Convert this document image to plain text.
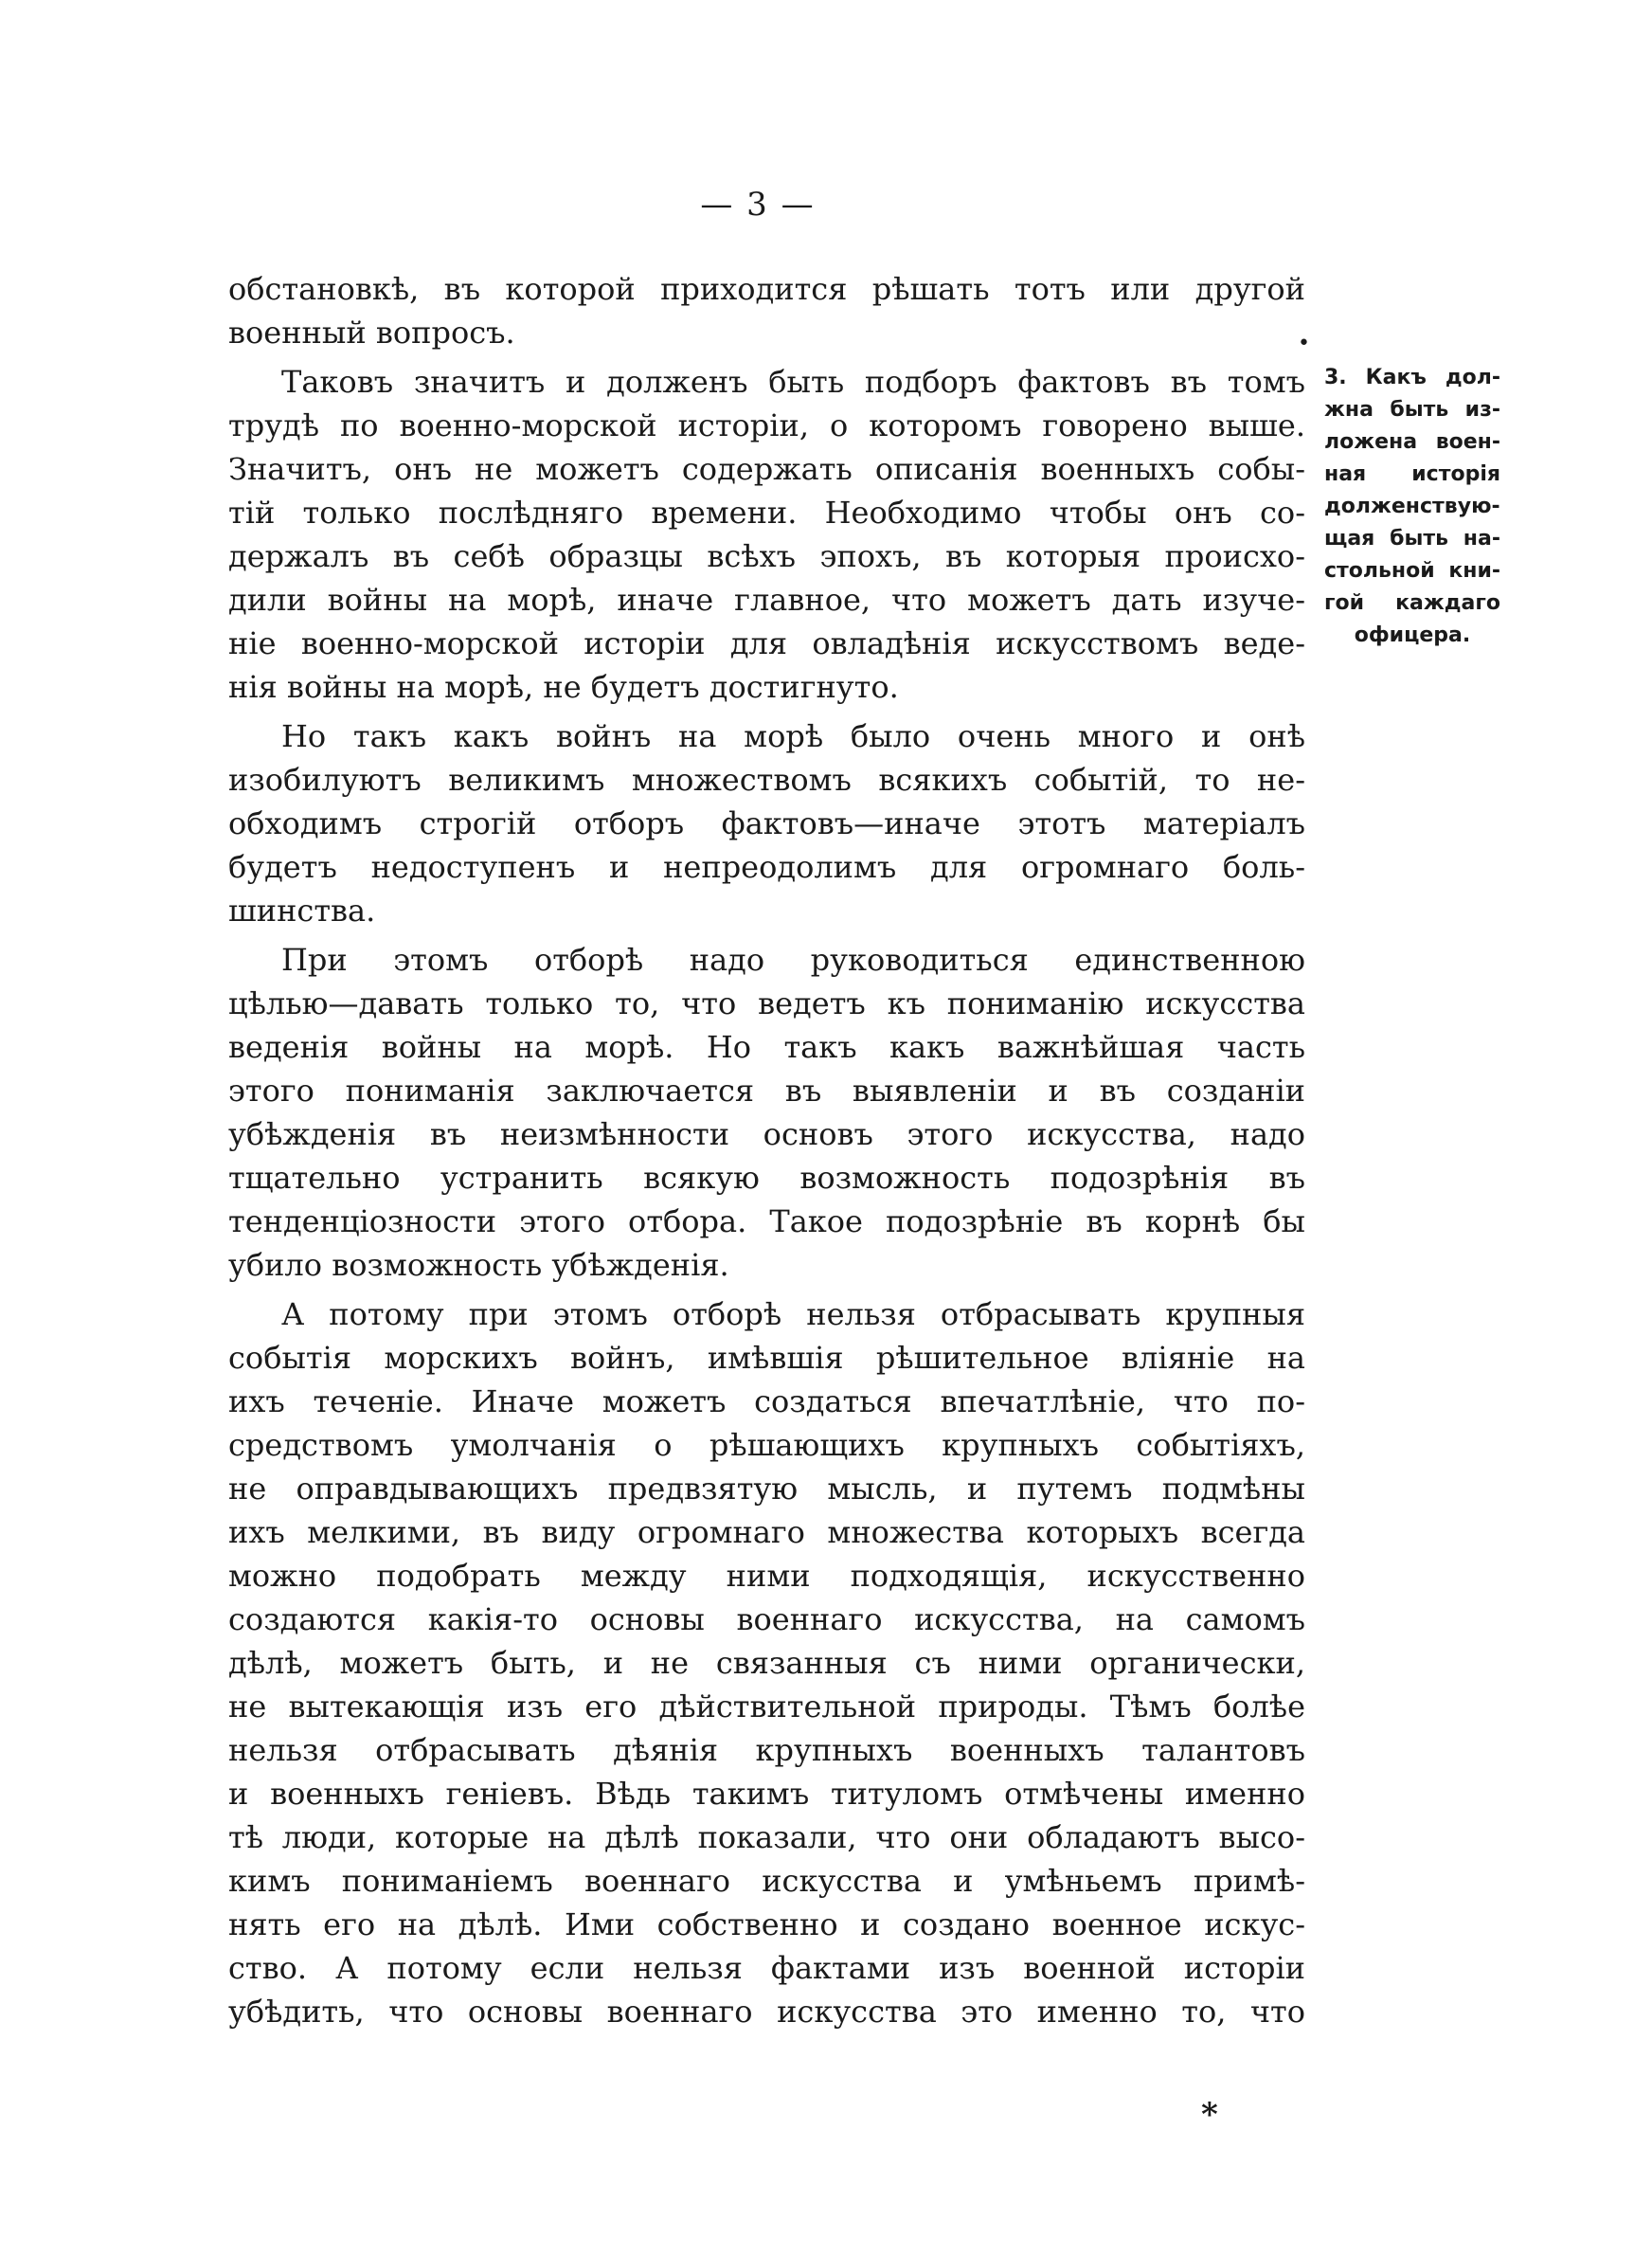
— 3 —
•

обстановкѣ, въ которой приходится рѣшать тотъ или другой
военный вопросъ.

Таковъ значитъ и долженъ быть подборъ фактовъ въ томъ
трудѣ по военно-морской исторіи, о которомъ говорено выше.
Значитъ, онъ не можетъ содержать описанія военныхъ собы-
тій только послѣдняго времени. Необходимо чтобы онъ со-
держалъ въ себѣ образцы всѣхъ эпохъ, въ которыя происхо-
дили войны на морѣ, иначе главное, что можетъ дать изуче-
ніе военно-морской исторіи для овладѣнія искусствомъ веде-
нія войны на морѣ, не будетъ достигнуто.

Но такъ какъ войнъ на морѣ было очень много и онѣ
изобилуютъ великимъ множествомъ всякихъ событій, то не-
обходимъ строгій отборъ фактовъ—иначе этотъ матеріалъ
будетъ недоступенъ и непреодолимъ для огромнаго боль-
шинства.

При этомъ отборѣ надо руководиться единственною
цѣлью—давать только то, что ведетъ къ пониманію искусства
веденія войны на морѣ. Но такъ какъ важнѣйшая часть
этого пониманія заключается въ выявленіи и въ созданіи
убѣжденія въ неизмѣнности основъ этого искусства, надо
тщательно устранить всякую возможность подозрѣнія въ
тенденціозности этого отбора. Такое подозрѣніе въ корнѣ бы
убило возможность убѣжденія.

А потому при этомъ отборѣ нельзя отбрасывать крупныя
событія морскихъ войнъ, имѣвшія рѣшительное вліяніе на
ихъ теченіе. Иначе можетъ создаться впечатлѣніе, что по-
средствомъ умолчанія о рѣшающихъ крупныхъ событіяхъ,
не оправдывающихъ предвзятую мысль, и путемъ подмѣны
ихъ мелкими, въ виду огромнаго множества которыхъ всегда
можно подобрать между ними подходящія, искусственно
создаются какія-то основы военнаго искусства, на самомъ
дѣлѣ, можетъ быть, и не связанныя съ ними органически,
не вытекающія изъ его дѣйствительной природы. Тѣмъ болѣе
нельзя отбрасывать дѣянія крупныхъ военныхъ талантовъ
и военныхъ геніевъ. Вѣдь такимъ титуломъ отмѣчены именно
тѣ люди, которые на дѣлѣ показали, что они обладаютъ высо-
кимъ пониманіемъ военнаго искусства и умѣньемъ примѣ-
нять его на дѣлѣ. Ими собственно и создано военное искус-
ство. А потому если нельзя фактами изъ военной исторіи
убѣдить, что основы военнаго искусства это именно то, что

3. Какъ дол-
жна быть из-
ложена воен-
ная исторія
долженствую-
щая быть на-
стольной кни-
гой каждаго
офицера.
*
